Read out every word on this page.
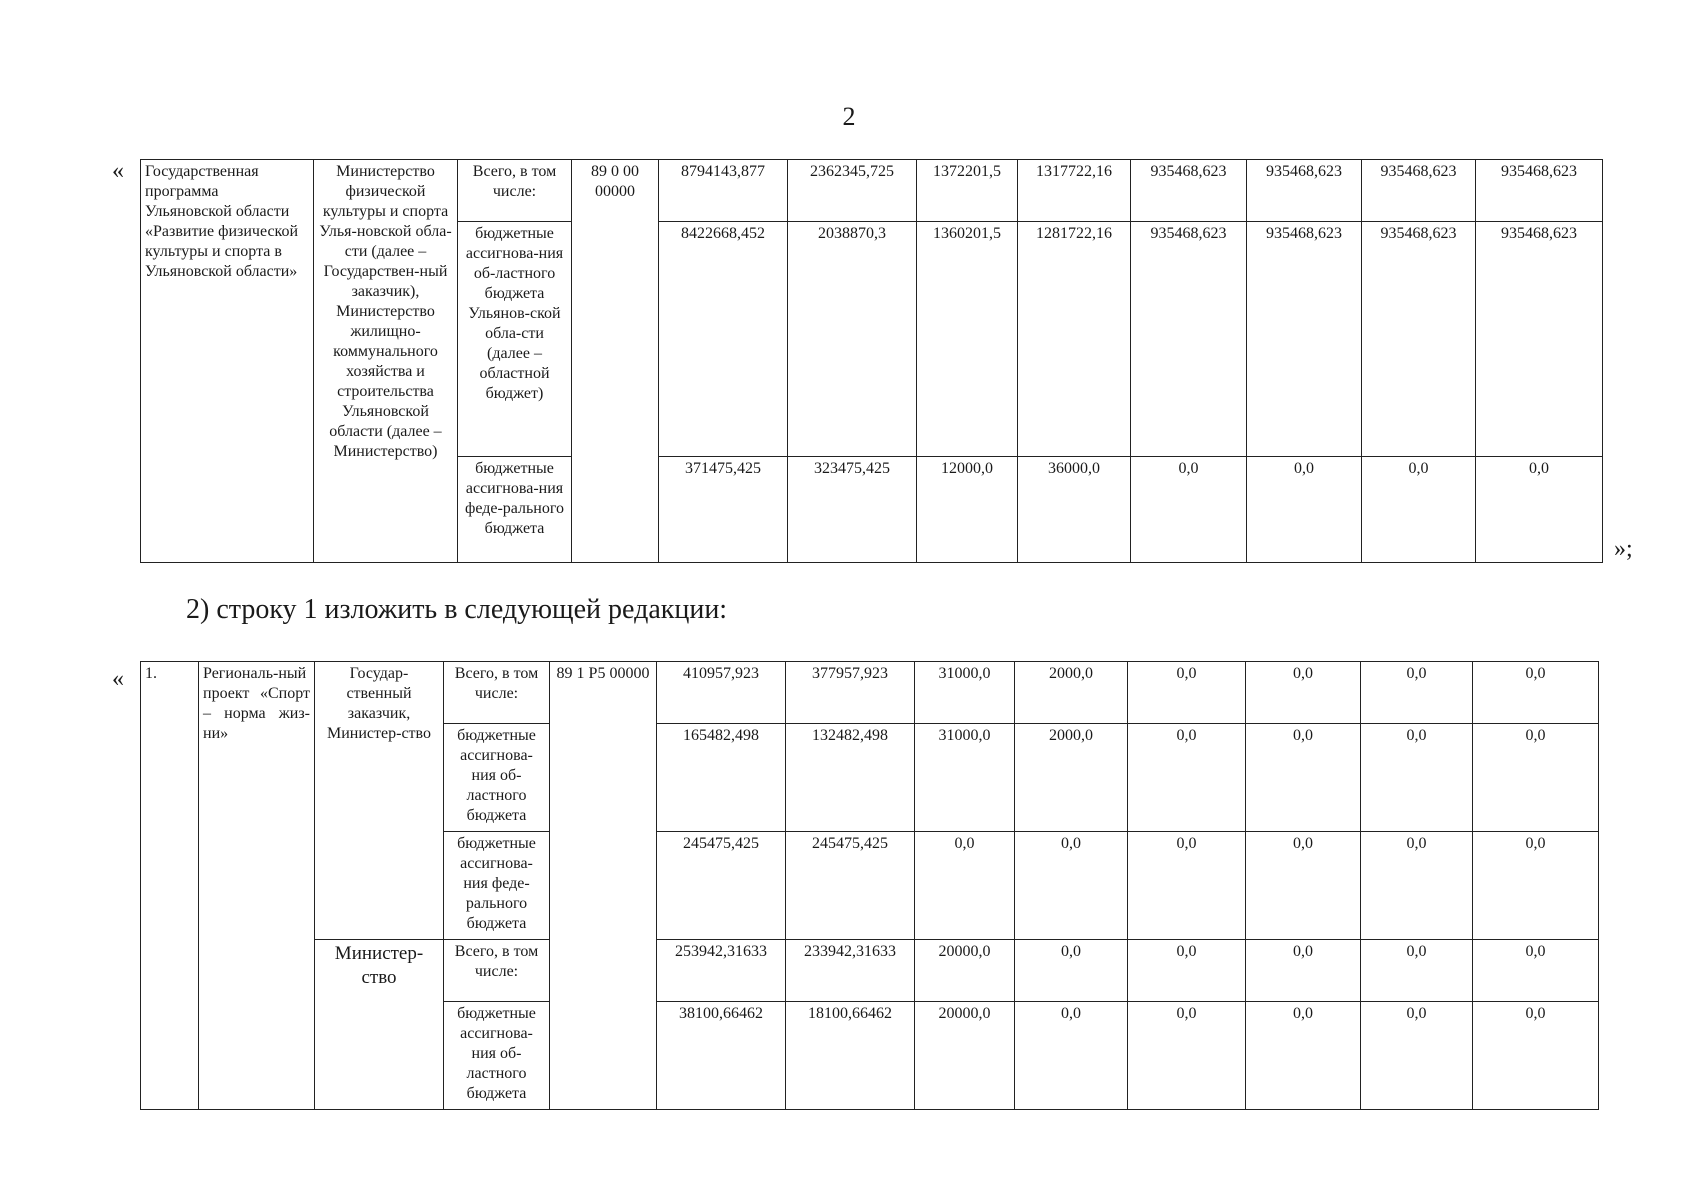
2
«
»;
Государственная программа Ульяновской области «Развитие физической культуры и спорта в Ульяновской области»	Министерство физической культуры и спорта Улья-новской обла-сти (далее – Государствен-ный заказчик), Министерство жилищно-коммунального хозяйства и строительства Ульяновской области (далее – Министерство)	Всего, в том числе:	89 0 00 00000	8794143,877	2362345,725	1372201,5	1317722,16	935468,623	935468,623	935468,623	935468,623
		бюджетные ассигнова-ния об-ластного бюджета Ульянов-ской обла-сти (далее – областной бюджет)		8422668,452	2038870,3	1360201,5	1281722,16	935468,623	935468,623	935468,623	935468,623
		бюджетные ассигнова-ния феде-рального бюджета		371475,425	323475,425	12000,0	36000,0	0,0	0,0	0,0	0,0
2) строку 1 изложить в следующей редакции:
« 1.	Региональ-ный проект «Спорт – норма жиз-ни»	Государ-ственный заказчик, Министер-ство	Всего, в том числе:	89 1 P5 00000	410957,923	377957,923	31000,0	2000,0	0,0	0,0	0,0	0,0
			бюджетные ассигнова-ния об-ластного бюджета		165482,498	132482,498	31000,0	2000,0	0,0	0,0	0,0	0,0
			бюджетные ассигнова-ния феде-рального бюджета		245475,425	245475,425	0,0	0,0	0,0	0,0	0,0	0,0
		Министер-ство	Всего, в том числе:		253942,31633	233942,31633	20000,0	0,0	0,0	0,0	0,0	0,0
			бюджетные ассигнова-ния об-ластного бюджета		38100,66462	18100,66462	20000,0	0,0	0,0	0,0	0,0	0,0
